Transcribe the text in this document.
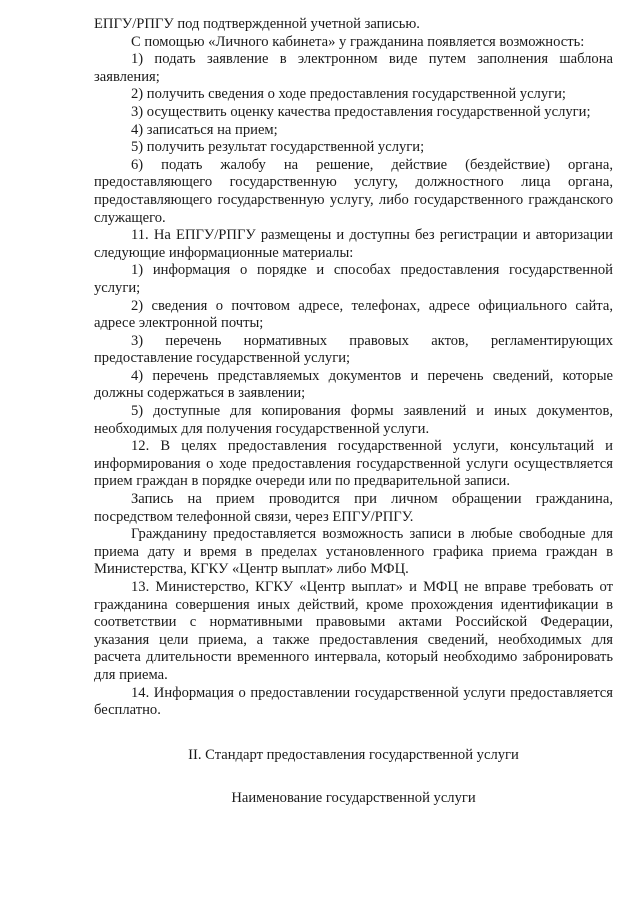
ЕПГУ/РПГУ под подтвержденной учетной записью.

С помощью «Личного кабинета» у гражданина появляется возможность:

1) подать заявление в электронном виде путем заполнения шаблона заявления;

2) получить сведения о ходе предоставления государственной услуги;

3) осуществить оценку качества предоставления государственной услуги;

4) записаться на прием;

5) получить результат государственной услуги;

6) подать жалобу на решение, действие (бездействие) органа, предоставляющего государственную услугу, должностного лица органа, предоставляющего государственную услугу, либо государственного гражданского служащего.

11. На ЕПГУ/РПГУ размещены и доступны без регистрации и авторизации следующие информационные материалы:

1) информация о порядке и способах предоставления государственной услуги;

2) сведения о почтовом адресе, телефонах, адресе официального сайта, адресе электронной почты;

3) перечень нормативных правовых актов, регламентирующих предоставление государственной услуги;

4) перечень представляемых документов и перечень сведений, которые должны содержаться в заявлении;

5) доступные для копирования формы заявлений и иных документов, необходимых для получения государственной услуги.

12. В целях предоставления государственной услуги, консультаций и информирования о ходе предоставления государственной услуги осуществляется прием граждан в порядке очереди или по предварительной записи.

Запись на прием проводится при личном обращении гражданина, посредством телефонной связи, через ЕПГУ/РПГУ.

Гражданину предоставляется возможность записи в любые свободные для приема дату и время в пределах установленного графика приема граждан в Министерства, КГКУ «Центр выплат» либо МФЦ.

13. Министерство, КГКУ «Центр выплат» и МФЦ не вправе требовать от гражданина совершения иных действий, кроме прохождения идентификации в соответствии с нормативными правовыми актами Российской Федерации, указания цели приема, а также предоставления сведений, необходимых для расчета длительности временного интервала, который необходимо забронировать для приема.

14. Информация о предоставлении государственной услуги предоставляется бесплатно.

II. Стандарт предоставления государственной услуги

Наименование государственной услуги
